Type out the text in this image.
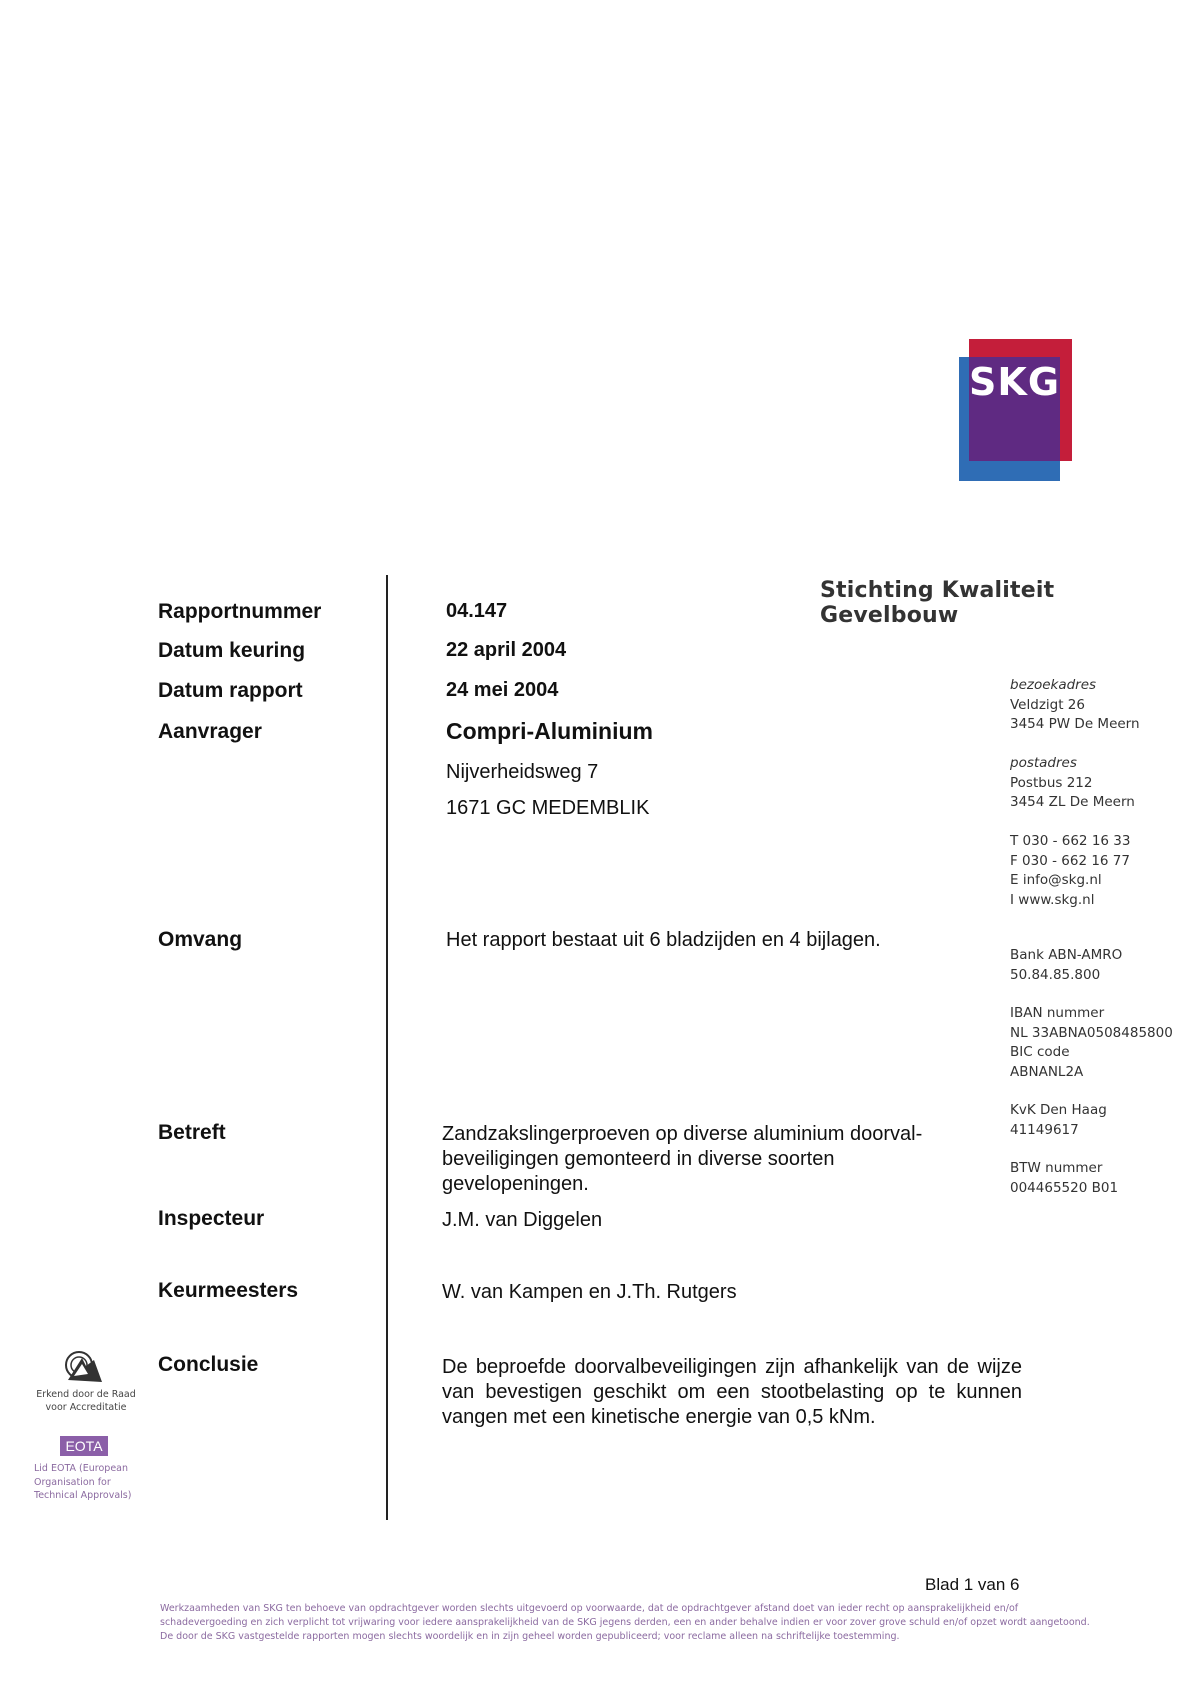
SKG
Stichting Kwaliteit Gevelbouw
Rapportnummer	04.147
Datum keuring	22 april 2004
Datum rapport	24 mei 2004
Aanvrager	Compri-Aluminium
Nijverheidsweg 7
1671 GC MEDEMBLIK
Omvang	Het rapport bestaat uit 6 bladzijden en 4 bijlagen.
Betreft	Zandzakslingerproeven op diverse aluminium doorval-beveiligingen gemonteerd in diverse soorten gevelopeningen.
Inspecteur	J.M. van Diggelen
Keurmeesters	W. van Kampen en J.Th. Rutgers
Conclusie	De beproefde doorvalbeveiligingen zijn afhankelijk van de wijze van bevestigen geschikt om een stootbelasting op te kunnen vangen met een kinetische energie van 0,5 kNm.
bezoekadres
Veldzigt 26
3454 PW De Meern
postadres
Postbus 212
3454 ZL De Meern
T 030 - 662 16 33
F 030 - 662 16 77
E info@skg.nl
I www.skg.nl
Bank ABN-AMRO
50.84.85.800
IBAN nummer
NL 33ABNA0508485800
BIC code
ABNANL2A
KvK Den Haag
41149617
BTW nummer
004465520 B01
Erkend door de Raad voor Accreditatie
EOTA
Lid EOTA (European Organisation for Technical Approvals)
Blad 1 van 6
Werkzaamheden van SKG ten behoeve van opdrachtgever worden slechts uitgevoerd op voorwaarde, dat de opdrachtgever afstand doet van ieder recht op aansprakelijkheid en/of schadevergoeding en zich verplicht tot vrijwaring voor iedere aansprakelijkheid van de SKG jegens derden, een en ander behalve indien er voor zover grove schuld en/of opzet wordt aangetoond. De door de SKG vastgestelde rapporten mogen slechts woordelijk en in zijn geheel worden gepubliceerd; voor reclame alleen na schriftelijke toestemming.
